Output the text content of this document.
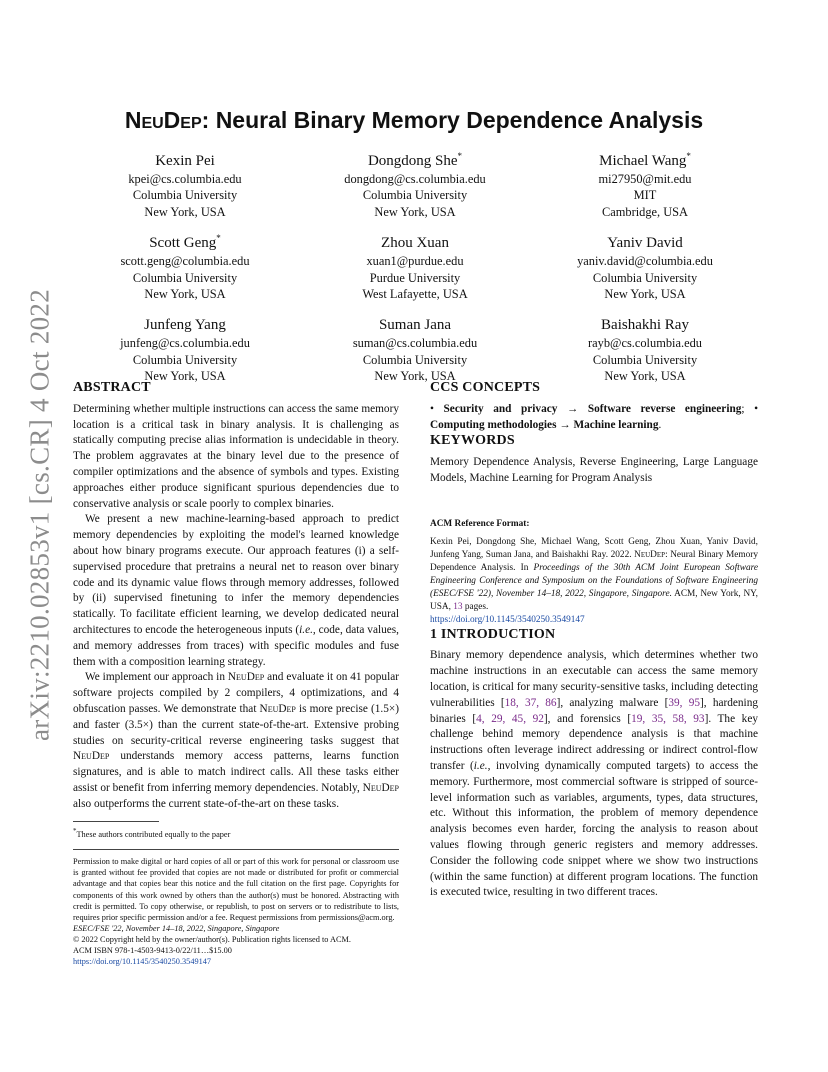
arXiv:2210.02853v1 [cs.CR] 4 Oct 2022
NeuDep: Neural Binary Memory Dependence Analysis
Kexin Pei
kpei@cs.columbia.edu
Columbia University
New York, USA
Dongdong She*
dongdong@cs.columbia.edu
Columbia University
New York, USA
Michael Wang*
mi27950@mit.edu
MIT
Cambridge, USA
Scott Geng*
scott.geng@columbia.edu
Columbia University
New York, USA
Zhou Xuan
xuan1@purdue.edu
Purdue University
West Lafayette, USA
Yaniv David
yaniv.david@columbia.edu
Columbia University
New York, USA
Junfeng Yang
junfeng@cs.columbia.edu
Columbia University
New York, USA
Suman Jana
suman@cs.columbia.edu
Columbia University
New York, USA
Baishakhi Ray
rayb@cs.columbia.edu
Columbia University
New York, USA
ABSTRACT

Determining whether multiple instructions can access the same memory location is a critical task in binary analysis. It is challenging as statically computing precise alias information is undecidable in theory. The problem aggravates at the binary level due to the presence of compiler optimizations and the absence of symbols and types. Existing approaches either produce significant spurious dependencies due to conservative analysis or scale poorly to complex binaries.

We present a new machine-learning-based approach to predict memory dependencies by exploiting the model's learned knowledge about how binary programs execute. Our approach features (i) a self-supervised procedure that pretrains a neural net to reason over binary code and its dynamic value flows through memory addresses, followed by (ii) supervised finetuning to infer the memory dependencies statically. To facilitate efficient learning, we develop dedicated neural architectures to encode the heterogeneous inputs (i.e., code, data values, and memory addresses from traces) with specific modules and fuse them with a composition learning strategy.

We implement our approach in NeuDep and evaluate it on 41 popular software projects compiled by 2 compilers, 4 optimizations, and 4 obfuscation passes. We demonstrate that NeuDep is more precise (1.5×) and faster (3.5×) than the current state-of-the-art. Extensive probing studies on security-critical reverse engineering tasks suggest that NeuDep understands memory access patterns, learns function signatures, and is able to match indirect calls. All these tasks either assist or benefit from inferring memory dependencies. Notably, NeuDep also outperforms the current state-of-the-art on these tasks.

*These authors contributed equally to the paper
Permission to make digital or hard copies of all or part of this work for personal or classroom use is granted without fee provided that copies are not made or distributed for profit or commercial advantage and that copies bear this notice and the full citation on the first page. Copyrights for components of this work owned by others than the author(s) must be honored. Abstracting with credit is permitted. To copy otherwise, or republish, to post on servers or to redistribute to lists, requires prior specific permission and/or a fee. Request permissions from permissions@acm.org.
ESEC/FSE '22, November 14–18, 2022, Singapore, Singapore
© 2022 Copyright held by the owner/author(s). Publication rights licensed to ACM.
ACM ISBN 978-1-4503-9413-0/22/11…$15.00
https://doi.org/10.1145/3540250.3549147
CCS CONCEPTS

• Security and privacy → Software reverse engineering; • Computing methodologies → Machine learning.

KEYWORDS

Memory Dependence Analysis, Reverse Engineering, Large Language Models, Machine Learning for Program Analysis

ACM Reference Format:
Kexin Pei, Dongdong She, Michael Wang, Scott Geng, Zhou Xuan, Yaniv David, Junfeng Yang, Suman Jana, and Baishakhi Ray. 2022. NeuDep: Neural Binary Memory Dependence Analysis. In Proceedings of the 30th ACM Joint European Software Engineering Conference and Symposium on the Foundations of Software Engineering (ESEC/FSE '22), November 14–18, 2022, Singapore, Singapore. ACM, New York, NY, USA, 13 pages.
https://doi.org/10.1145/3540250.3549147
1 INTRODUCTION

Binary memory dependence analysis, which determines whether two machine instructions in an executable can access the same memory location, is critical for many security-sensitive tasks, including detecting vulnerabilities [18, 37, 86], analyzing malware [39, 95], hardening binaries [4, 29, 45, 92], and forensics [19, 35, 58, 93]. The key challenge behind memory dependence analysis is that machine instructions often leverage indirect addressing or indirect control-flow transfer (i.e., involving dynamically computed targets) to access the memory. Furthermore, most commercial software is stripped of source-level information such as variables, arguments, types, data structures, etc. Without this information, the problem of memory dependence analysis becomes even harder, forcing the analysis to reason about values flowing through generic registers and memory addresses. Consider the following code snippet where we show two instructions (within the same function) at different program locations. The function is executed twice, resulting in two different traces.
